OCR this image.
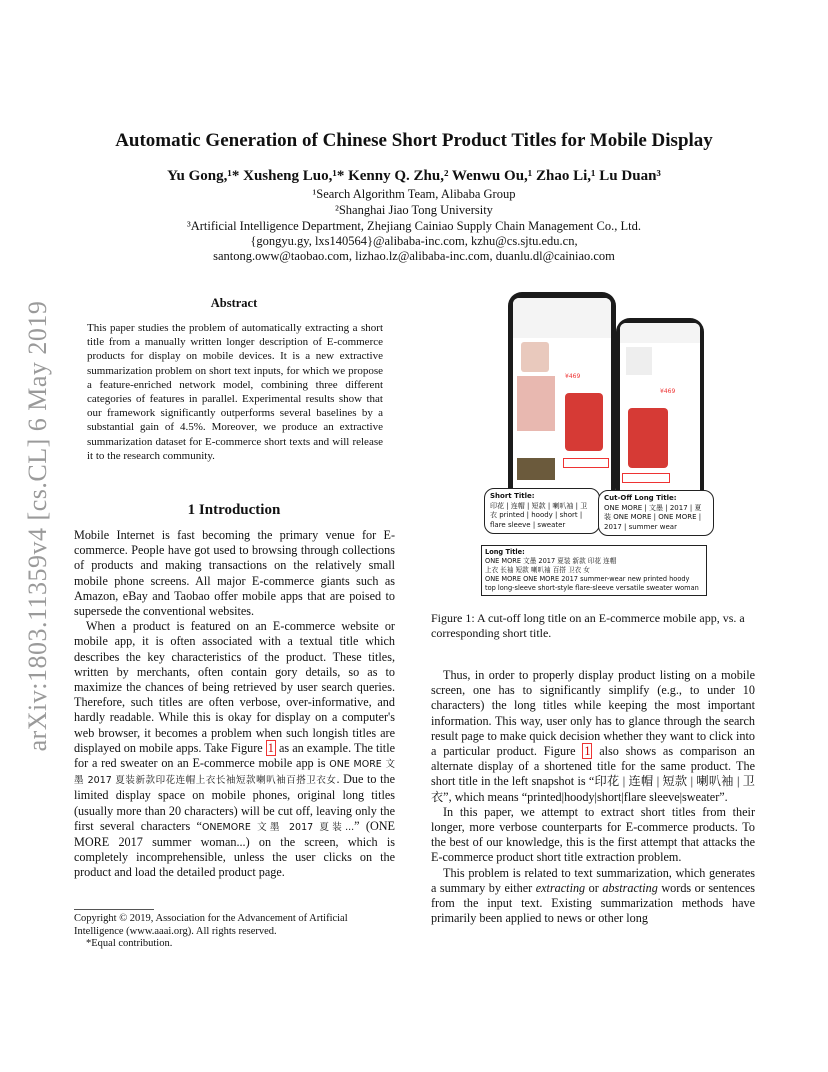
arXiv:1803.11359v4 [cs.CL] 6 May 2019
Automatic Generation of Chinese Short Product Titles for Mobile Display
Yu Gong,¹* Xusheng Luo,¹* Kenny Q. Zhu,² Wenwu Ou,¹ Zhao Li,¹ Lu Duan³
¹Search Algorithm Team, Alibaba Group
²Shanghai Jiao Tong University
³Artificial Intelligence Department, Zhejiang Cainiao Supply Chain Management Co., Ltd.
{gongyu.gy, lxs140564}@alibaba-inc.com, kzhu@cs.sjtu.edu.cn,
santong.oww@taobao.com, lizhao.lz@alibaba-inc.com, duanlu.dl@cainiao.com
Abstract
This paper studies the problem of automatically extracting a short title from a manually written longer description of E-commerce products for display on mobile devices. It is a new extractive summarization problem on short text inputs, for which we propose a feature-enriched network model, combining three different categories of features in parallel. Experimental results show that our framework significantly outperforms several baselines by a substantial gain of 4.5%. Moreover, we produce an extractive summarization dataset for E-commerce short texts and will release it to the research community.
1 Introduction

Mobile Internet is fast becoming the primary venue for E-commerce. People have got used to browsing through collections of products and making transactions on the relatively small mobile phone screens. All major E-commerce giants such as Amazon, eBay and Taobao offer mobile apps that are poised to supersede the conventional websites.

When a product is featured on an E-commerce website or mobile app, it is often associated with a textual title which describes the key characteristics of the product. These titles, written by merchants, often contain gory details, so as to maximize the chances of being retrieved by user search queries. Therefore, such titles are often verbose, over-informative, and hardly readable. While this is okay for display on a computer's web browser, it becomes a problem when such longish titles are displayed on mobile apps. Take Figure 1 as an example. The title for a red sweater on an E-commerce mobile app is ONE MORE 文墨 2017 夏装新款印花连帽上衣长袖短款喇叭袖百搭卫衣女. Due to the limited display space on mobile phones, original long titles (usually more than 20 characters) will be cut off, leaving only the first several characters “ONEMORE 文墨 2017 夏装...” (ONE MORE 2017 summer woman...) on the screen, which is completely incomprehensible, unless the user clicks on the product and load the detailed product page.

Copyright © 2019, Association for the Advancement of Artificial Intelligence (www.aaai.org). All rights reserved.
*Equal contribution.
¥469
¥469
Short Title:
印花 | 连帽 | 短款 | 喇叭袖 | 卫衣 printed | hoody | short | flare sleeve | sweater
Cut-Off Long Title:
ONE MORE | 文墨 | 2017 | 夏装 ONE MORE | ONE MORE | 2017 | summer wear
Long Title:
ONE MORE 文墨 2017 夏装 新款 印花 连帽
上衣 长袖 短款 喇叭袖 百搭 卫衣 女
ONE MORE ONE MORE 2017 summer-wear new printed hoody
top long-sleeve short-style flare-sleeve versatile sweater woman
Figure 1: A cut-off long title on an E-commerce mobile app, vs. a corresponding short title.

Thus, in order to properly display product listing on a mobile screen, one has to significantly simplify (e.g., to under 10 characters) the long titles while keeping the most important information. This way, user only has to glance through the search result page to make quick decision whether they want to click into a particular product. Figure 1 also shows as comparison an alternate display of a shortened title for the same product. The short title in the left snapshot is “印花 | 连帽 | 短款 | 喇叭袖 | 卫衣”, which means “printed|hoody|short|flare sleeve|sweater”.

In this paper, we attempt to extract short titles from their longer, more verbose counterparts for E-commerce products. To the best of our knowledge, this is the first attempt that attacks the E-commerce product short title extraction problem.

This problem is related to text summarization, which generates a summary by either extracting or abstracting words or sentences from the input text. Existing summarization methods have primarily been applied to news or other long
